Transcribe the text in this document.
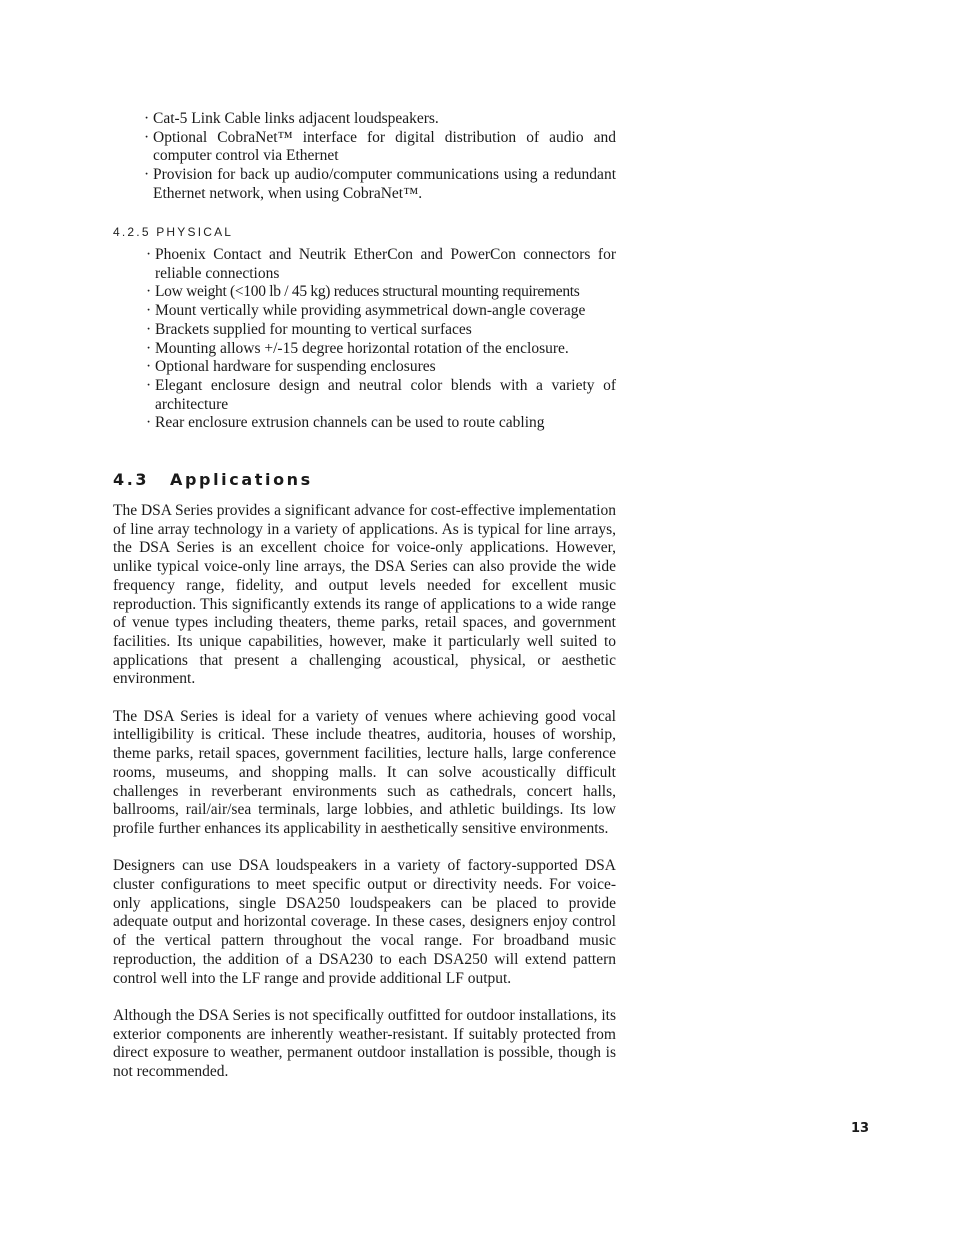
· Cat-5 Link Cable links adjacent loudspeakers.
· Optional CobraNet™ interface for digital distribution of audio and computer control via Ethernet
· Provision for back up audio/computer communications using a redundant Ethernet network, when using CobraNet™.
4.2.5 PHYSICAL
· Phoenix Contact and Neutrik EtherCon and PowerCon connectors for reliable connections
· Low weight (<100 lb / 45 kg) reduces structural mounting requirements
· Mount vertically while providing asymmetrical down-angle coverage
· Brackets supplied for mounting to vertical surfaces
· Mounting allows +/-15 degree horizontal rotation of the enclosure.
· Optional hardware for suspending enclosures
· Elegant enclosure design and neutral color blends with a variety of architecture
· Rear enclosure extrusion channels can be used to route cabling
4.3 Applications

The DSA Series provides a significant advance for cost-effective implementation of line array technology in a variety of applications. As is typical for line arrays, the DSA Series is an excellent choice for voice-only applications. However, unlike typical voice-only line arrays, the DSA Series can also provide the wide frequency range, fidelity, and output levels needed for excellent music reproduction. This significantly extends its range of applications to a wide range of venue types including theaters, theme parks, retail spaces, and government facilities. Its unique capabilities, however, make it particularly well suited to applications that present a challenging acoustical, physical, or aesthetic environment.

The DSA Series is ideal for a variety of venues where achieving good vocal intelligibility is critical. These include theatres, auditoria, houses of worship, theme parks, retail spaces, government facilities, lecture halls, large conference rooms, museums, and shopping malls. It can solve acoustically difficult challenges in reverberant environments such as cathedrals, concert halls, ballrooms, rail/air/sea terminals, large lobbies, and athletic buildings. Its low profile further enhances its applicability in aesthetically sensitive environments.

Designers can use DSA loudspeakers in a variety of factory-supported DSA cluster configurations to meet specific output or directivity needs. For voice-only applications, single DSA250 loudspeakers can be placed to provide adequate output and horizontal coverage. In these cases, designers enjoy control of the vertical pattern throughout the vocal range. For broadband music reproduction, the addition of a DSA230 to each DSA250 will extend pattern control well into the LF range and provide additional LF output.

Although the DSA Series is not specifically outfitted for outdoor installations, its exterior components are inherently weather-resistant. If suitably protected from direct exposure to weather, permanent outdoor installation is possible, though is not recommended.

13
